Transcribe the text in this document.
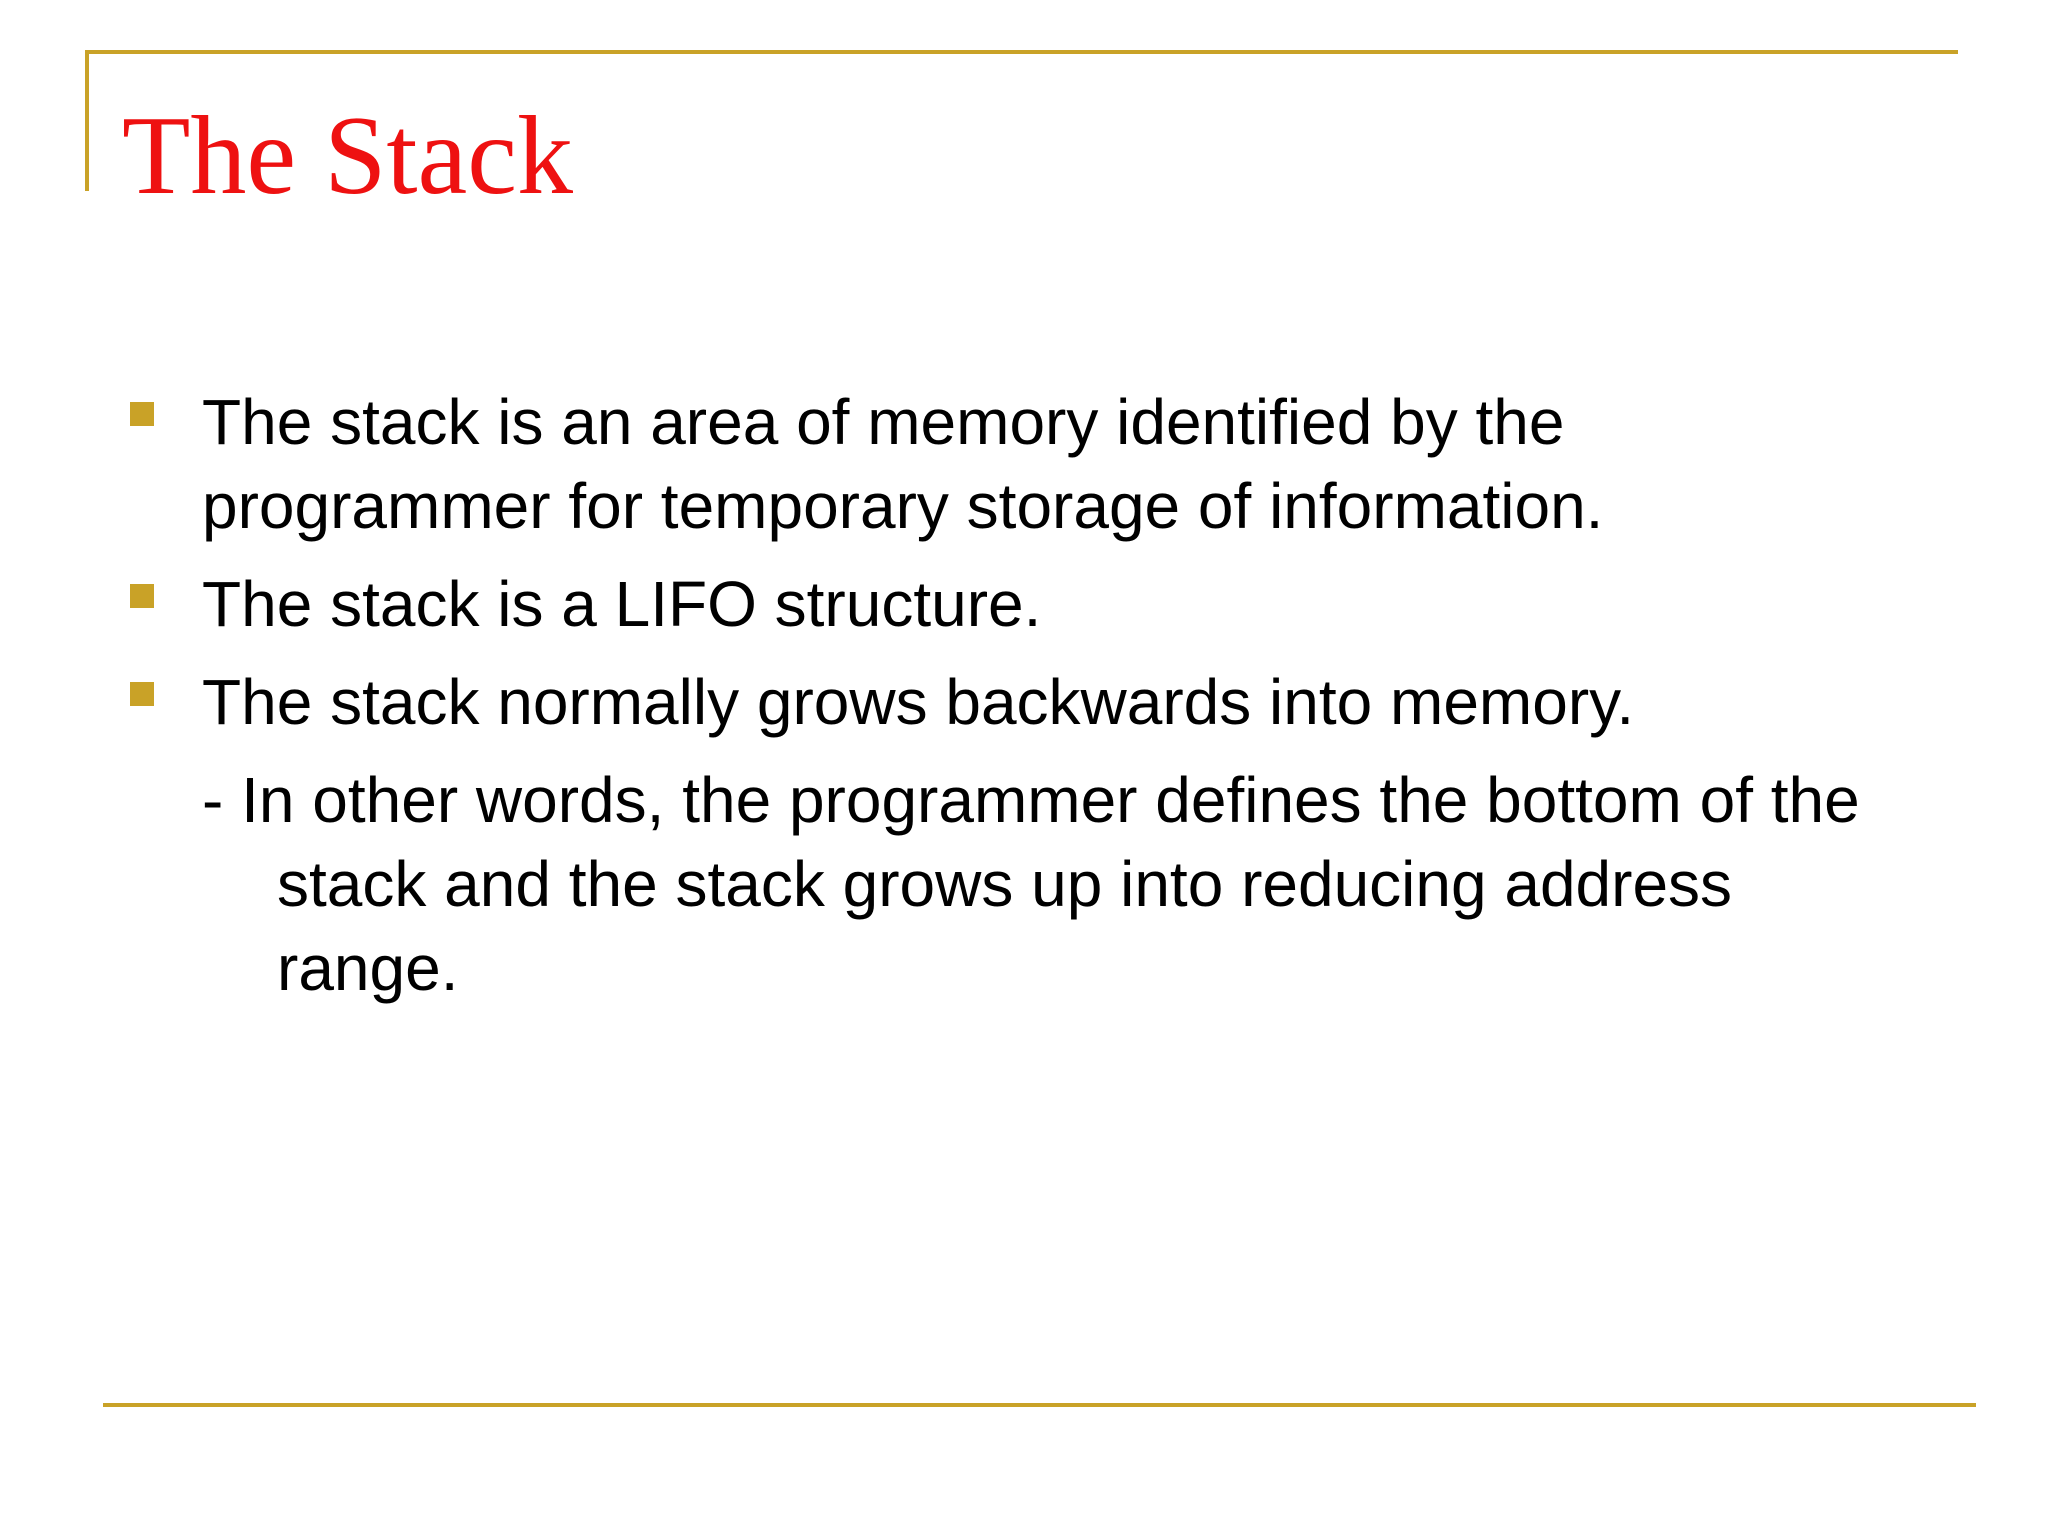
The Stack
The stack is an area of memory identified by the programmer for temporary storage of information.
The stack is a LIFO structure.
The stack normally grows backwards into memory.
- In other words, the programmer defines the bottom of the stack and the stack grows up into reducing address range.
